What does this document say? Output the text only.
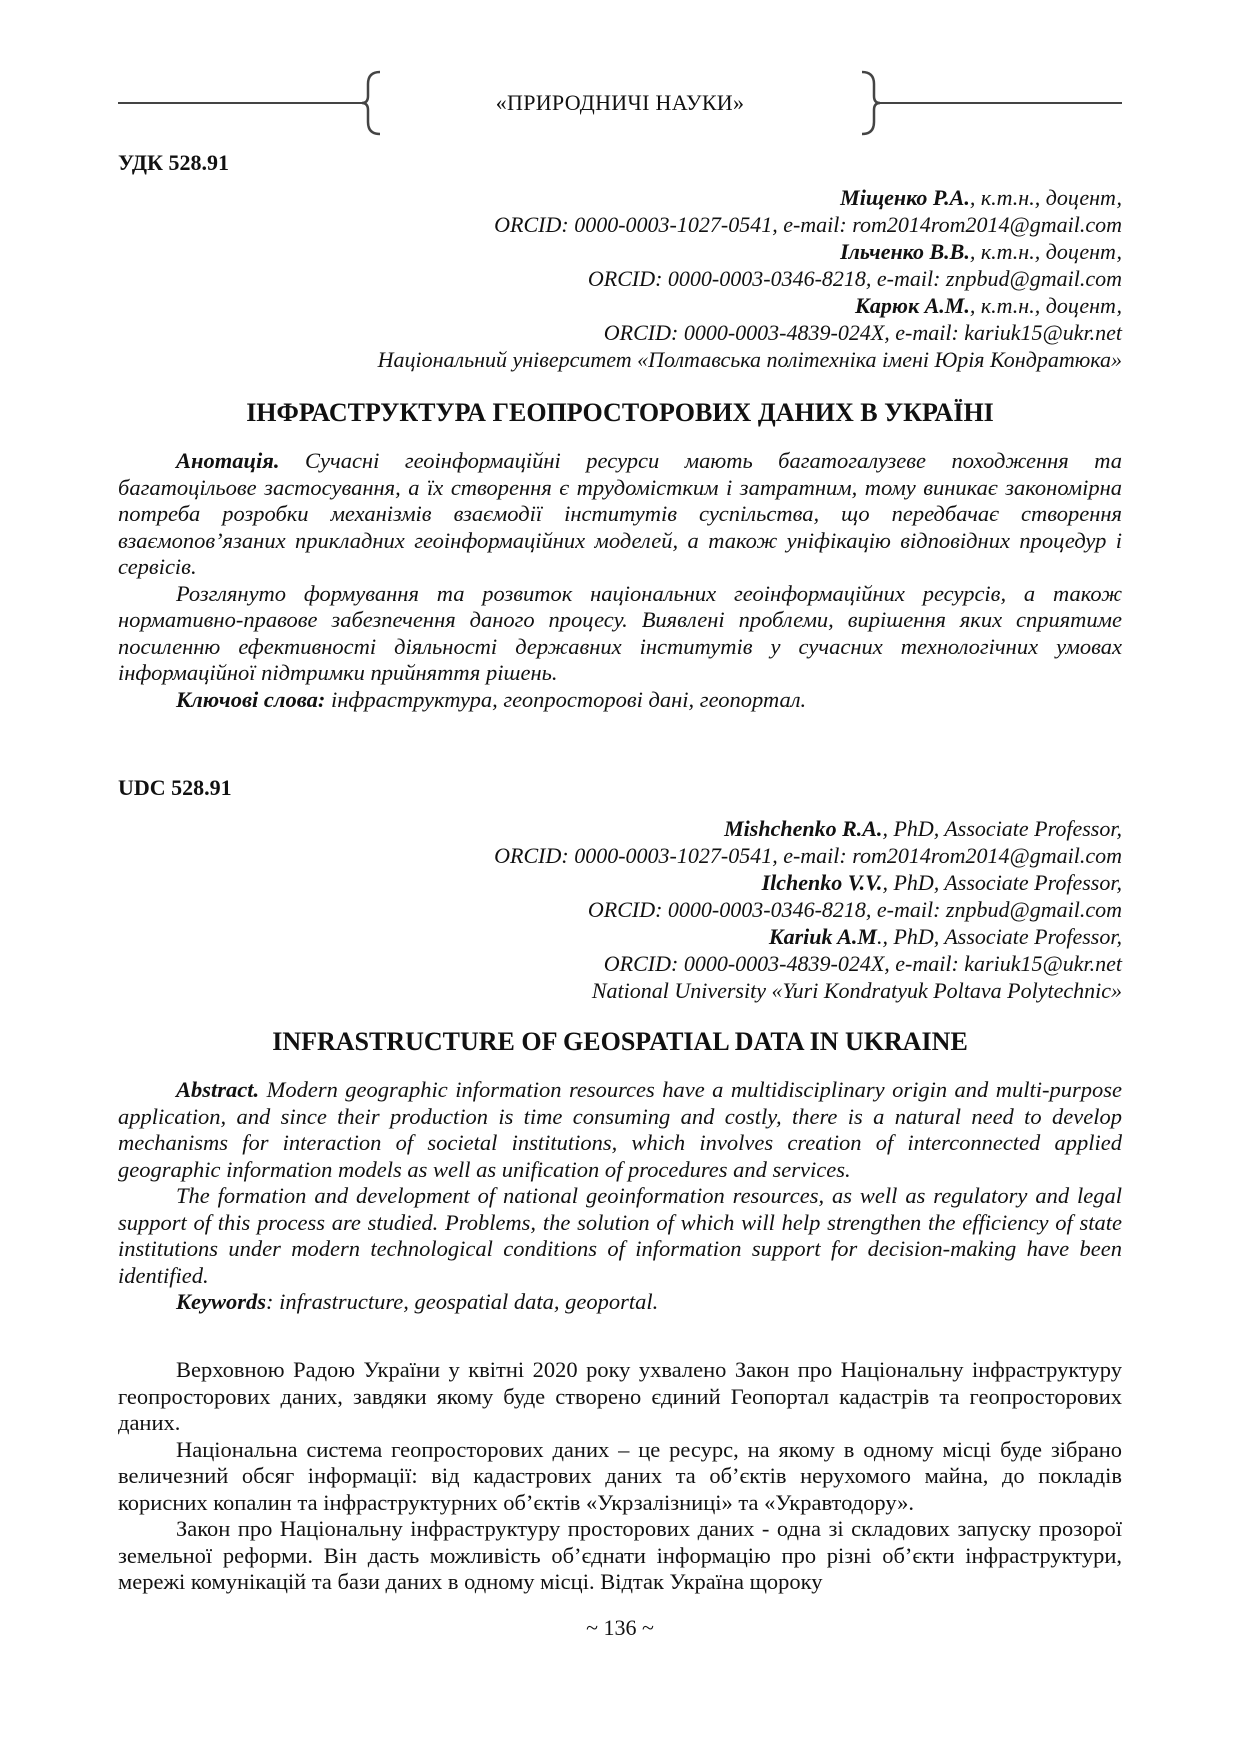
«ПРИРОДНИЧІ НАУКИ»
УДК 528.91
Міщенко Р.А., к.т.н., доцент,
ORCID: 0000-0003-1027-0541, e-mail: rom2014rom2014@gmail.com
Ільченко В.В., к.т.н., доцент,
ORCID: 0000-0003-0346-8218, e-mail: znpbud@gmail.com
Карюк А.М., к.т.н., доцент,
ORCID: 0000-0003-4839-024X, e-mail: kariuk15@ukr.net
Національний університет «Полтавська політехніка імені Юрія Кондратюка»
ІНФРАСТРУКТУРА ГЕОПРОСТОРОВИХ ДАНИХ В УКРАЇНІ

Анотація. Сучасні геоінформаційні ресурси мають багатогалузеве походження та багатоцільове застосування, а їх створення є трудомістким і затратним, тому виникає закономірна потреба розробки механізмів взаємодії інститутів суспільства, що передбачає створення взаємопов’язаних прикладних геоінформаційних моделей, а також уніфікацію відповідних процедур і сервісів.

Розглянуто формування та розвиток національних геоінформаційних ресурсів, а також нормативно-правове забезпечення даного процесу. Виявлені проблеми, вирішення яких сприятиме посиленню ефективності діяльності державних інститутів у сучасних технологічних умовах інформаційної підтримки прийняття рішень.

Ключові слова: інфраструктура, геопросторові дані, геопортал.

UDC 528.91
Mishchenko R.A., PhD, Associate Professor,
ORCID: 0000-0003-1027-0541, e-mail: rom2014rom2014@gmail.com
Ilchenko V.V., PhD, Associate Professor,
ORCID: 0000-0003-0346-8218, e-mail: znpbud@gmail.com
Kariuk A.M., PhD, Associate Professor,
ORCID: 0000-0003-4839-024X, e-mail: kariuk15@ukr.net
National University «Yuri Kondratyuk Poltava Polytechnic»
INFRASTRUCTURE OF GEOSPATIAL DATA IN UKRAINE

Abstract. Modern geographic information resources have a multidisciplinary origin and multi-purpose application, and since their production is time consuming and costly, there is a natural need to develop mechanisms for interaction of societal institutions, which involves creation of interconnected applied geographic information models as well as unification of procedures and services.

The formation and development of national geoinformation resources, as well as regulatory and legal support of this process are studied. Problems, the solution of which will help strengthen the efficiency of state institutions under modern technological conditions of information support for decision-making have been identified.

Keywords: infrastructure, geospatial data, geoportal.

Верховною Радою України у квітні 2020 року ухвалено Закон про Національну інфраструктуру геопросторових даних, завдяки якому буде створено єдиний Геопортал кадастрів та геопросторових даних.

Національна система геопросторових даних – це ресурс, на якому в одному місці буде зібрано величезний обсяг інформації: від кадастрових даних та об’єктів нерухомого майна, до покладів корисних копалин та інфраструктурних об’єктів «Укрзалізниці» та «Укравтодору».

Закон про Національну інфраструктуру просторових даних - одна зі складових запуску прозорої земельної реформи. Він дасть можливість об’єднати інформацію про різні об’єкти інфраструктури, мережі комунікацій та бази даних в одному місці. Відтак Україна щороку

~ 136 ~
